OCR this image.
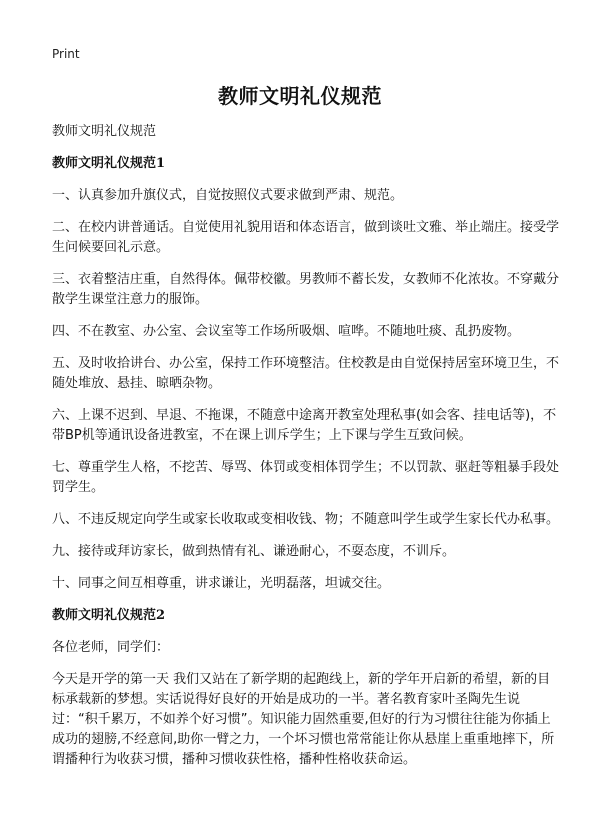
Print
教师文明礼仪规范
教师文明礼仪规范
教师文明礼仪规范1
一、认真参加升旗仪式，自觉按照仪式要求做到严肃、规范。
二、在校内讲普通话。自觉使用礼貌用语和体态语言，做到谈吐文雅、举止端庄。接受学生问候要回礼示意。
三、衣着整洁庄重，自然得体。佩带校徽。男教师不蓄长发，女教师不化浓妆。不穿戴分散学生课堂注意力的服饰。
四、不在教室、办公室、会议室等工作场所吸烟、喧哗。不随地吐痰、乱扔废物。
五、及时收拾讲台、办公室，保持工作环境整洁。住校教是由自觉保持居室环境卫生，不随处堆放、悬挂、晾晒杂物。
六、上课不迟到、早退、不拖课，不随意中途离开教室处理私事(如会客、挂电话等)，不带BP机等通讯设备进教室，不在课上训斥学生；上下课与学生互致问候。
七、尊重学生人格，不挖苦、辱骂、体罚或变相体罚学生；不以罚款、驱赶等粗暴手段处罚学生。
八、不违反规定向学生或家长收取或变相收钱、物；不随意叫学生或学生家长代办私事。
九、接待或拜访家长，做到热情有礼、谦逊耐心，不耍态度，不训斥。
十、同事之间互相尊重，讲求谦让，光明磊落，坦诚交往。
教师文明礼仪规范2
各位老师，同学们：
今天是开学的第一天 我们又站在了新学期的起跑线上，新的学年开启新的希望，新的目标承载新的梦想。实话说得好良好的开始是成功的一半。著名教育家叶圣陶先生说过：“积千累万，不如养个好习惯”。知识能力固然重要,但好的行为习惯往往能为你插上成功的翅膀,不经意间,助你一臂之力，一个坏习惯也常常能让你从悬崖上重重地摔下，所谓播种行为收获习惯，播种习惯收获性格，播种性格收获命运。
